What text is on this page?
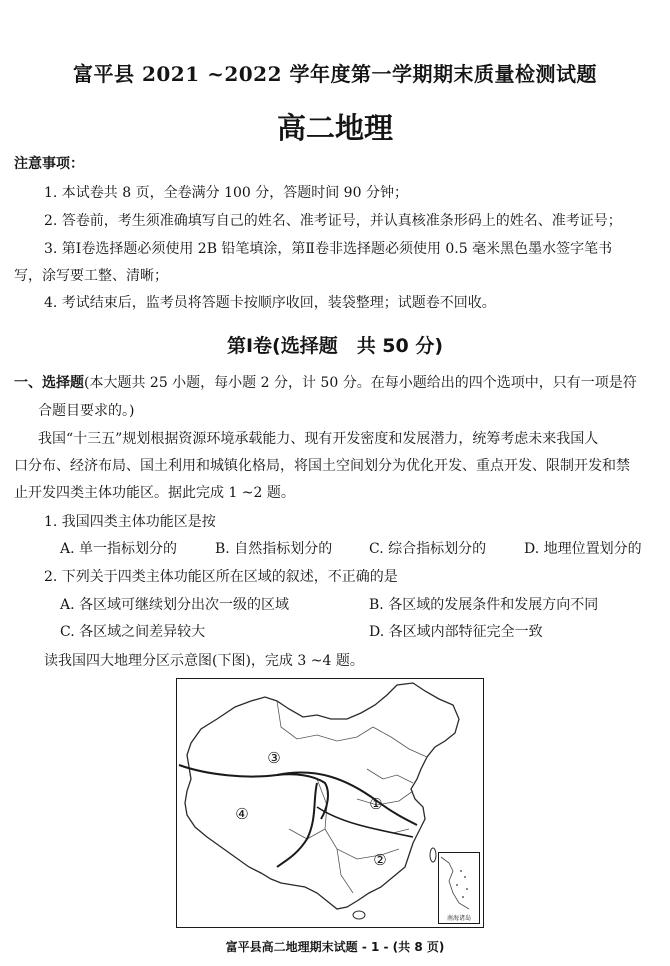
富平县 2021 ~2022 学年度第一学期期末质量检测试题
高二地理
注意事项：
1. 本试卷共 8 页，全卷满分 100 分，答题时间 90 分钟；
2. 答卷前，考生须准确填写自己的姓名、准考证号，并认真核准条形码上的姓名、准考证号；
3. 第Ⅰ卷选择题必须使用 2B 铅笔填涂，第Ⅱ卷非选择题必须使用 0.5 毫米黑色墨水签字笔书
写，涂写要工整、清晰；
4. 考试结束后，监考员将答题卡按顺序收回，装袋整理；试题卷不回收。
第Ⅰ卷(选择题　共 50 分)
一、选择题(本大题共 25 小题，每小题 2 分，计 50 分。在每小题给出的四个选项中，只有一项是符
合题目要求的。)
我国“十三五”规划根据资源环境承载能力、现有开发密度和发展潜力，统筹考虑未来我国人
口分布、经济布局、国土利用和城镇化格局，将国土空间划分为优化开发、重点开发、限制开发和禁
止开发四类主体功能区。据此完成 1 ~2 题。
1. 我国四类主体功能区是按
A. 单一指标划分的	B. 自然指标划分的	C. 综合指标划分的	D. 地理位置划分的
2. 下列关于四类主体功能区所在区域的叙述，不正确的是
A. 各区域可继续划分出次一级的区域	B. 各区域的发展条件和发展方向不同
C. 各区域之间差异较大	D. 各区域内部特征完全一致
读我国四大地理分区示意图(下图)，完成 3 ~4 题。
①
②
③
④
南海诸岛
富平县高二地理期末试题 - 1 - (共 8 页)
